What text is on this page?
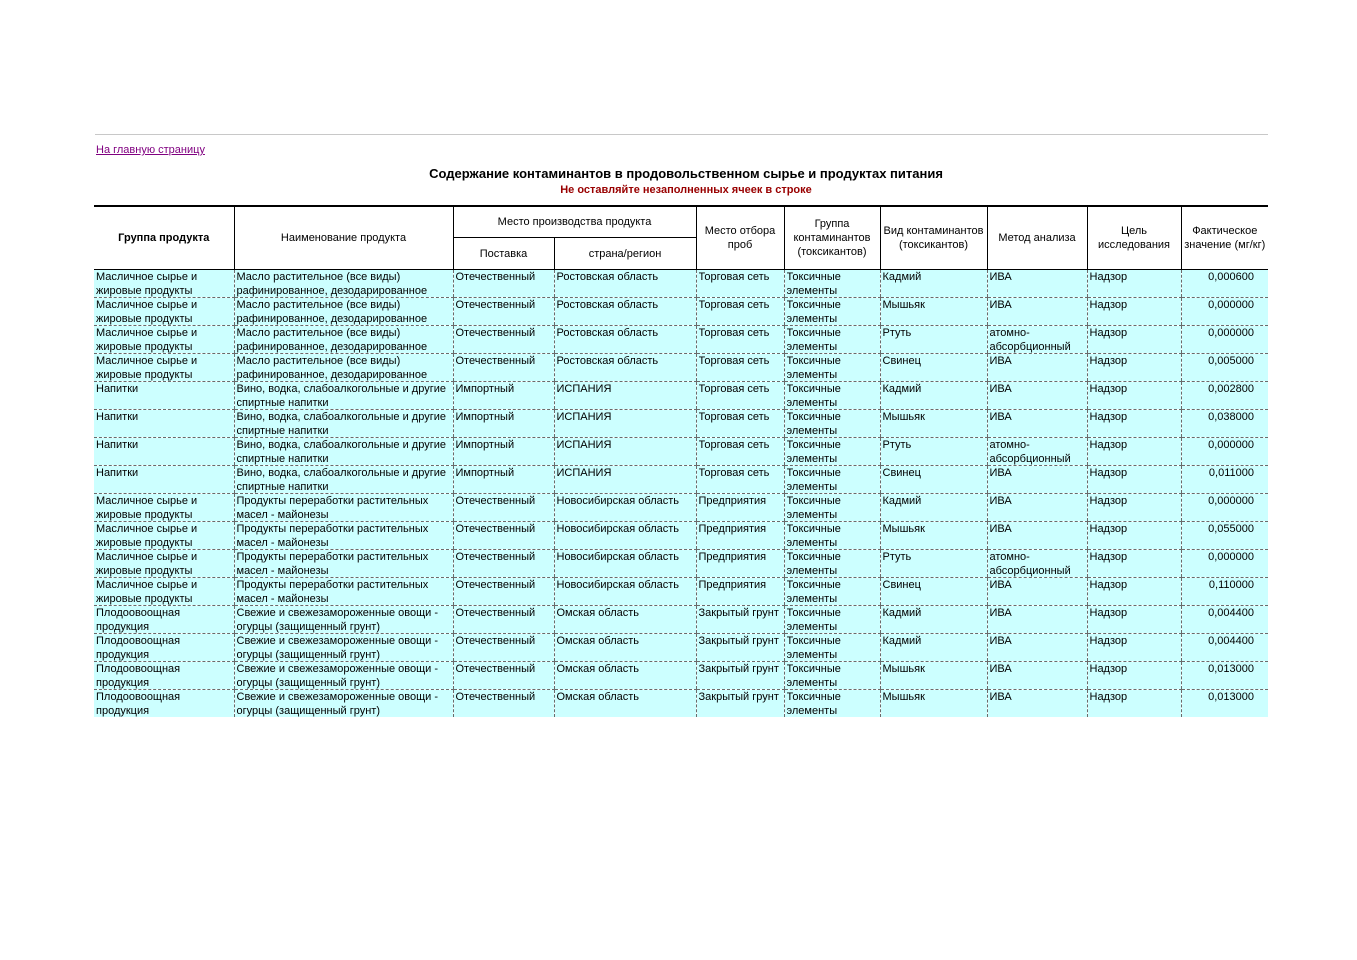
На главную страницу
Содержание контаминантов в продовольственном сырье и продуктах питания
Не оставляйте незаполненных ячеек в строке
Группа продукта	Наименование продукта	Место производства продукта		Место отбора проб	Группа контаминантов (токсикантов)	Вид контаминантов (токсикантов)	Метод анализа	Цель исследования	Фактическое значение (мг/кг)
		Поставка	страна/регион						

Масличное сырье и жировые продукты	Масло растительное (все виды) рафинированное, дезодарированное	Отечественный	Ростовская область	Торговая сеть	Токсичные элементы	Кадмий	ИВА	Надзор	0,000600

Масличное сырье и жировые продукты	Масло растительное (все виды) рафинированное, дезодарированное	Отечественный	Ростовская область	Торговая сеть	Токсичные элементы	Мышьяк	ИВА	Надзор	0,000000

Масличное сырье и жировые продукты	Масло растительное (все виды) рафинированное, дезодарированное	Отечественный	Ростовская область	Торговая сеть	Токсичные элементы	Ртуть	атомно-абсорбционный	Надзор	0,000000

Масличное сырье и жировые продукты	Масло растительное (все виды) рафинированное, дезодарированное	Отечественный	Ростовская область	Торговая сеть	Токсичные элементы	Свинец	ИВА	Надзор	0,005000

Напитки	Вино, водка, слабоалкогольные и другие спиртные напитки	Импортный	ИСПАНИЯ	Торговая сеть	Токсичные элементы	Кадмий	ИВА	Надзор	0,002800

Напитки	Вино, водка, слабоалкогольные и другие спиртные напитки	Импортный	ИСПАНИЯ	Торговая сеть	Токсичные элементы	Мышьяк	ИВА	Надзор	0,038000

Напитки	Вино, водка, слабоалкогольные и другие спиртные напитки	Импортный	ИСПАНИЯ	Торговая сеть	Токсичные элементы	Ртуть	атомно-абсорбционный	Надзор	0,000000

Напитки	Вино, водка, слабоалкогольные и другие спиртные напитки	Импортный	ИСПАНИЯ	Торговая сеть	Токсичные элементы	Свинец	ИВА	Надзор	0,011000

Масличное сырье и жировые продукты	Продукты переработки растительных масел - майонезы	Отечественный	Новосибирская область	Предприятия	Токсичные элементы	Кадмий	ИВА	Надзор	0,000000

Масличное сырье и жировые продукты	Продукты переработки растительных масел - майонезы	Отечественный	Новосибирская область	Предприятия	Токсичные элементы	Мышьяк	ИВА	Надзор	0,055000

Масличное сырье и жировые продукты	Продукты переработки растительных масел - майонезы	Отечественный	Новосибирская область	Предприятия	Токсичные элементы	Ртуть	атомно-абсорбционный	Надзор	0,000000

Масличное сырье и жировые продукты	Продукты переработки растительных масел - майонезы	Отечественный	Новосибирская область	Предприятия	Токсичные элементы	Свинец	ИВА	Надзор	0,110000

Плодоовоощная продукция	Свежие и свежезамороженные овощи - огурцы (защищенный грунт)	Отечественный	Омская область	Закрытый грунт	Токсичные элементы	Кадмий	ИВА	Надзор	0,004400

Плодоовоощная продукция	Свежие и свежезамороженные овощи - огурцы (защищенный грунт)	Отечественный	Омская область	Закрытый грунт	Токсичные элементы	Кадмий	ИВА	Надзор	0,004400

Плодоовоощная продукция	Свежие и свежезамороженные овощи - огурцы (защищенный грунт)	Отечественный	Омская область	Закрытый грунт	Токсичные элементы	Мышьяк	ИВА	Надзор	0,013000

Плодоовоощная продукция	Свежие и свежезамороженные овощи - огурцы (защищенный грунт)	Отечественный	Омская область	Закрытый грунт	Токсичные элементы	Мышьяк	ИВА	Надзор	0,013000
